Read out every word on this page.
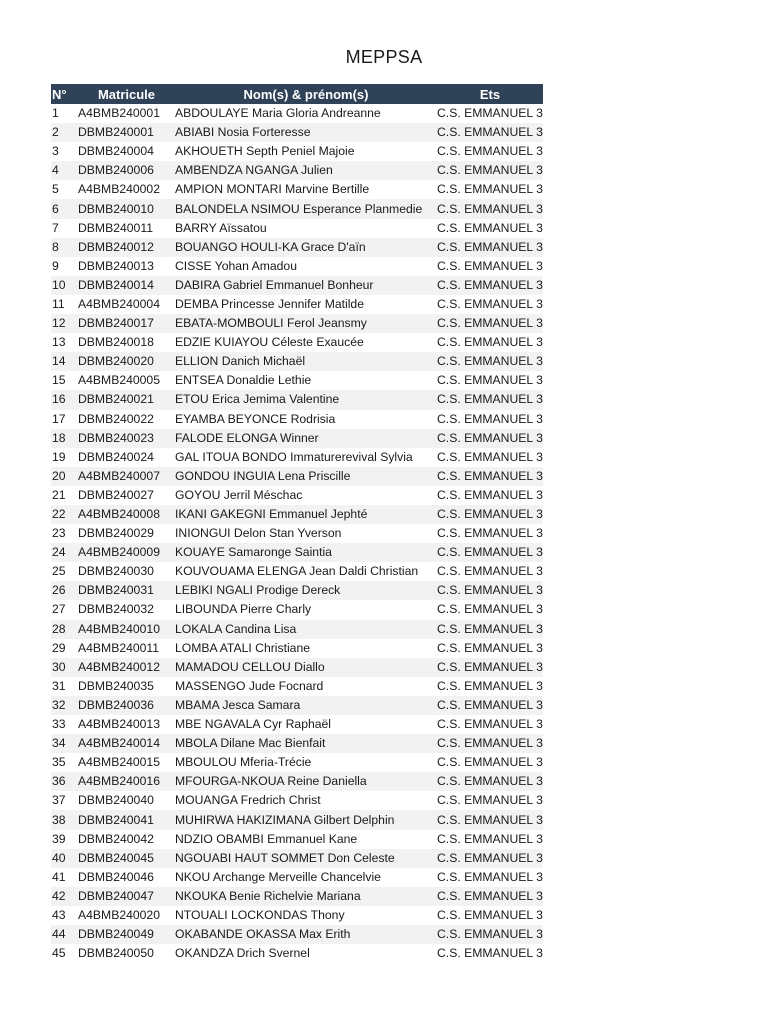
MEPPSA
N°	Matricule	Nom(s) & prénom(s)	Ets
1	A4BMB240001	ABDOULAYE Maria Gloria Andreanne	C.S. EMMANUEL 3
2	DBMB240001	ABIABI Nosia Forteresse	C.S. EMMANUEL 3
3	DBMB240004	AKHOUETH Septh Peniel Majoie	C.S. EMMANUEL 3
4	DBMB240006	AMBENDZA NGANGA Julien	C.S. EMMANUEL 3
5	A4BMB240002	AMPION MONTARI Marvine Bertille	C.S. EMMANUEL 3
6	DBMB240010	BALONDELA NSIMOU Esperance Planmedie	C.S. EMMANUEL 3
7	DBMB240011	BARRY Aïssatou	C.S. EMMANUEL 3
8	DBMB240012	BOUANGO HOULI-KA Grace D'aïn	C.S. EMMANUEL 3
9	DBMB240013	CISSE Yohan Amadou	C.S. EMMANUEL 3
10	DBMB240014	DABIRA Gabriel Emmanuel Bonheur	C.S. EMMANUEL 3
11	A4BMB240004	DEMBA Princesse Jennifer Matilde	C.S. EMMANUEL 3
12	DBMB240017	EBATA-MOMBOULI Ferol Jeansmy	C.S. EMMANUEL 3
13	DBMB240018	EDZIE KUIAYOU Céleste Exaucée	C.S. EMMANUEL 3
14	DBMB240020	ELLION Danich Michaël	C.S. EMMANUEL 3
15	A4BMB240005	ENTSEA Donaldie Lethie	C.S. EMMANUEL 3
16	DBMB240021	ETOU Erica Jemima Valentine	C.S. EMMANUEL 3
17	DBMB240022	EYAMBA BEYONCE Rodrisia	C.S. EMMANUEL 3
18	DBMB240023	FALODE ELONGA Winner	C.S. EMMANUEL 3
19	DBMB240024	GAL ITOUA BONDO Immaturerevival Sylvia	C.S. EMMANUEL 3
20	A4BMB240007	GONDOU INGUIA Lena Priscille	C.S. EMMANUEL 3
21	DBMB240027	GOYOU Jerril Méschac	C.S. EMMANUEL 3
22	A4BMB240008	IKANI GAKEGNI Emmanuel Jephté	C.S. EMMANUEL 3
23	DBMB240029	INIONGUI Delon Stan Yverson	C.S. EMMANUEL 3
24	A4BMB240009	KOUAYE Samaronge Saintia	C.S. EMMANUEL 3
25	DBMB240030	KOUVOUAMA ELENGA Jean Daldi Christian	C.S. EMMANUEL 3
26	DBMB240031	LEBIKI NGALI Prodige Dereck	C.S. EMMANUEL 3
27	DBMB240032	LIBOUNDA Pierre Charly	C.S. EMMANUEL 3
28	A4BMB240010	LOKALA Candina Lisa	C.S. EMMANUEL 3
29	A4BMB240011	LOMBA ATALI Christiane	C.S. EMMANUEL 3
30	A4BMB240012	MAMADOU CELLOU Diallo	C.S. EMMANUEL 3
31	DBMB240035	MASSENGO Jude Focnard	C.S. EMMANUEL 3
32	DBMB240036	MBAMA Jesca Samara	C.S. EMMANUEL 3
33	A4BMB240013	MBE NGAVALA Cyr Raphaël	C.S. EMMANUEL 3
34	A4BMB240014	MBOLA Dilane Mac Bienfait	C.S. EMMANUEL 3
35	A4BMB240015	MBOULOU Mferia-Trécie	C.S. EMMANUEL 3
36	A4BMB240016	MFOURGA-NKOUA Reine Daniella	C.S. EMMANUEL 3
37	DBMB240040	MOUANGA Fredrich Christ	C.S. EMMANUEL 3
38	DBMB240041	MUHIRWA HAKIZIMANA Gilbert Delphin	C.S. EMMANUEL 3
39	DBMB240042	NDZIO OBAMBI Emmanuel Kane	C.S. EMMANUEL 3
40	DBMB240045	NGOUABI HAUT SOMMET Don Celeste	C.S. EMMANUEL 3
41	DBMB240046	NKOU Archange Merveille Chancelvie	C.S. EMMANUEL 3
42	DBMB240047	NKOUKA Benie Richelvie Mariana	C.S. EMMANUEL 3
43	A4BMB240020	NTOUALI LOCKONDAS Thony	C.S. EMMANUEL 3
44	DBMB240049	OKABANDE OKASSA Max Erith	C.S. EMMANUEL 3
45	DBMB240050	OKANDZA Drich Svernel	C.S. EMMANUEL 3
